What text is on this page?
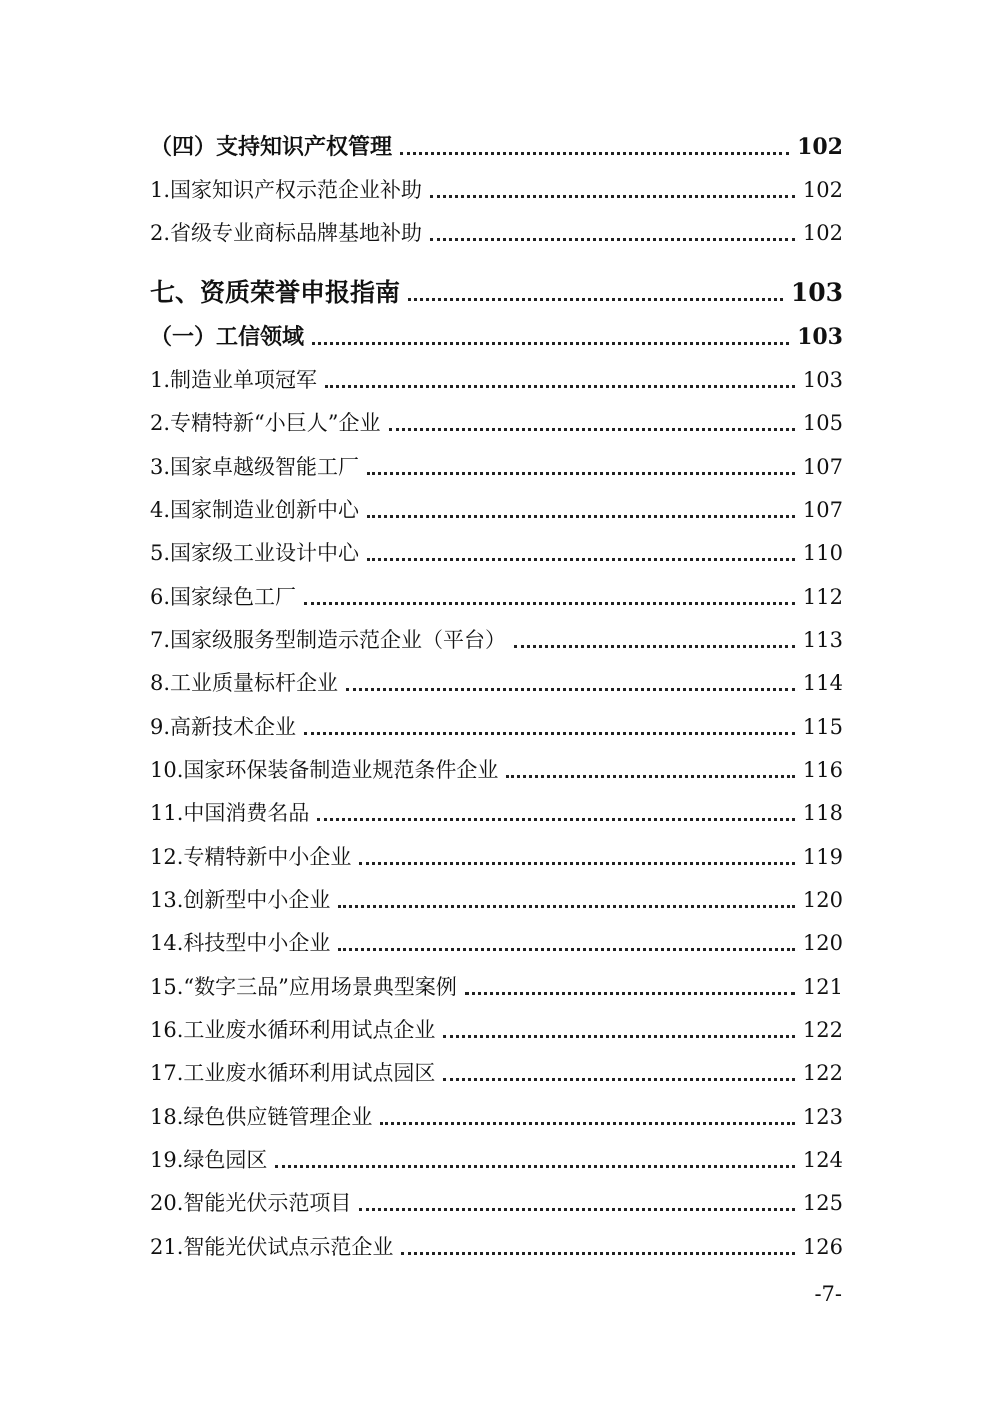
（四）支持知识产权管理	102
1.国家知识产权示范企业补助	102
2.省级专业商标品牌基地补助	102
七、资质荣誉申报指南	103
（一）工信领域	103
1.制造业单项冠军	103
2.专精特新“小巨人”企业	105
3.国家卓越级智能工厂	107
4.国家制造业创新中心	107
5.国家级工业设计中心	110
6.国家绿色工厂	112
7.国家级服务型制造示范企业（平台）	113
8.工业质量标杆企业	114
9.高新技术企业	115
10.国家环保装备制造业规范条件企业	116
11.中国消费名品	118
12.专精特新中小企业	119
13.创新型中小企业	120
14.科技型中小企业	120
15.“数字三品”应用场景典型案例	121
16.工业废水循环利用试点企业	122
17.工业废水循环利用试点园区	122
18.绿色供应链管理企业	123
19.绿色园区	124
20.智能光伏示范项目	125
21.智能光伏试点示范企业	126
-7-
